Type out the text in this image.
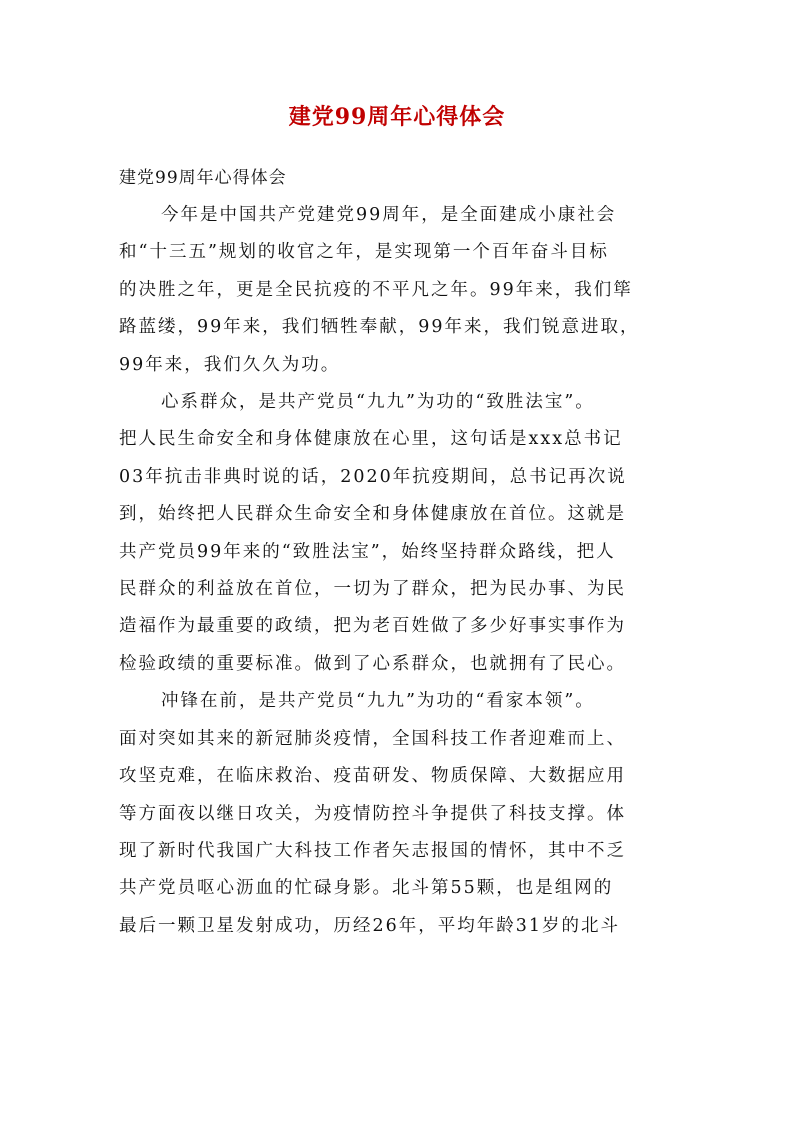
建党99周年心得体会
建党99周年心得体会
今年是中国共产党建党99周年，是全面建成小康社会
和“十三五”规划的收官之年，是实现第一个百年奋斗目标
的决胜之年，更是全民抗疫的不平凡之年。99年来，我们筚
路蓝缕，99年来，我们牺牲奉献，99年来，我们锐意进取，
99年来，我们久久为功。
心系群众，是共产党员“九九”为功的“致胜法宝”。
把人民生命安全和身体健康放在心里，这句话是xxx总书记
03年抗击非典时说的话，2020年抗疫期间，总书记再次说
到，始终把人民群众生命安全和身体健康放在首位。这就是
共产党员99年来的“致胜法宝”，始终坚持群众路线，把人
民群众的利益放在首位，一切为了群众，把为民办事、为民
造福作为最重要的政绩，把为老百姓做了多少好事实事作为
检验政绩的重要标准。做到了心系群众，也就拥有了民心。
冲锋在前，是共产党员“九九”为功的“看家本领”。
面对突如其来的新冠肺炎疫情，全国科技工作者迎难而上、
攻坚克难，在临床救治、疫苗研发、物质保障、大数据应用
等方面夜以继日攻关，为疫情防控斗争提供了科技支撑。体
现了新时代我国广大科技工作者矢志报国的情怀，其中不乏
共产党员呕心沥血的忙碌身影。北斗第55颗，也是组网的
最后一颗卫星发射成功，历经26年，平均年龄31岁的北斗
